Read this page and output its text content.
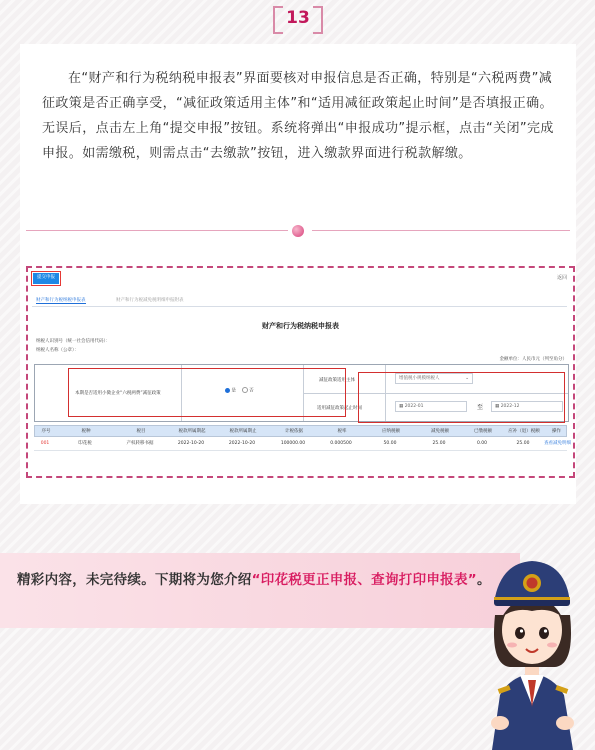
13
在“财产和行为税纳税申报表”界面要核对申报信息是否正确，特别是“六税两费”减征政策是否正确享受，“减征政策适用主体”和“适用减征政策起止时间”是否填报正确。无误后，点击左上角“提交申报”按钮。系统将弹出“申报成功”提示框，点击“关闭”完成申报。如需缴税，则需点击“去缴款”按钮，进入缴款界面进行税款解缴。
提交申报	返回
财产和行为税纳税申报表	财产和行为税减免税明细申报附表
财产和行为税纳税申报表
纳税人识别号（统一社会信用代码）：
纳税人名称（公章）：
金额单位：人民币元（列至角分）
本期是否适用小微企业“六税两费”减征政策	是	否
减征政策适用主体	增值税小规模纳税人	⌄
适用减征政策起止时间	▦ 2022-01	至	▦ 2022-12
序号	税种	税目	税款所属期起	税款所属期止	计税依据	税率	应纳税额	减免税额	已缴税额	应补（退）税额	操作
001	印花税	产权转移书据	2022-10-20	2022-10-20	100000.00	0.000500	50.00	25.00	0.00	25.00	查看减免明细
精彩内容，未完待续。下期将为您介绍“印花税更正申报、查询打印申报表”。
